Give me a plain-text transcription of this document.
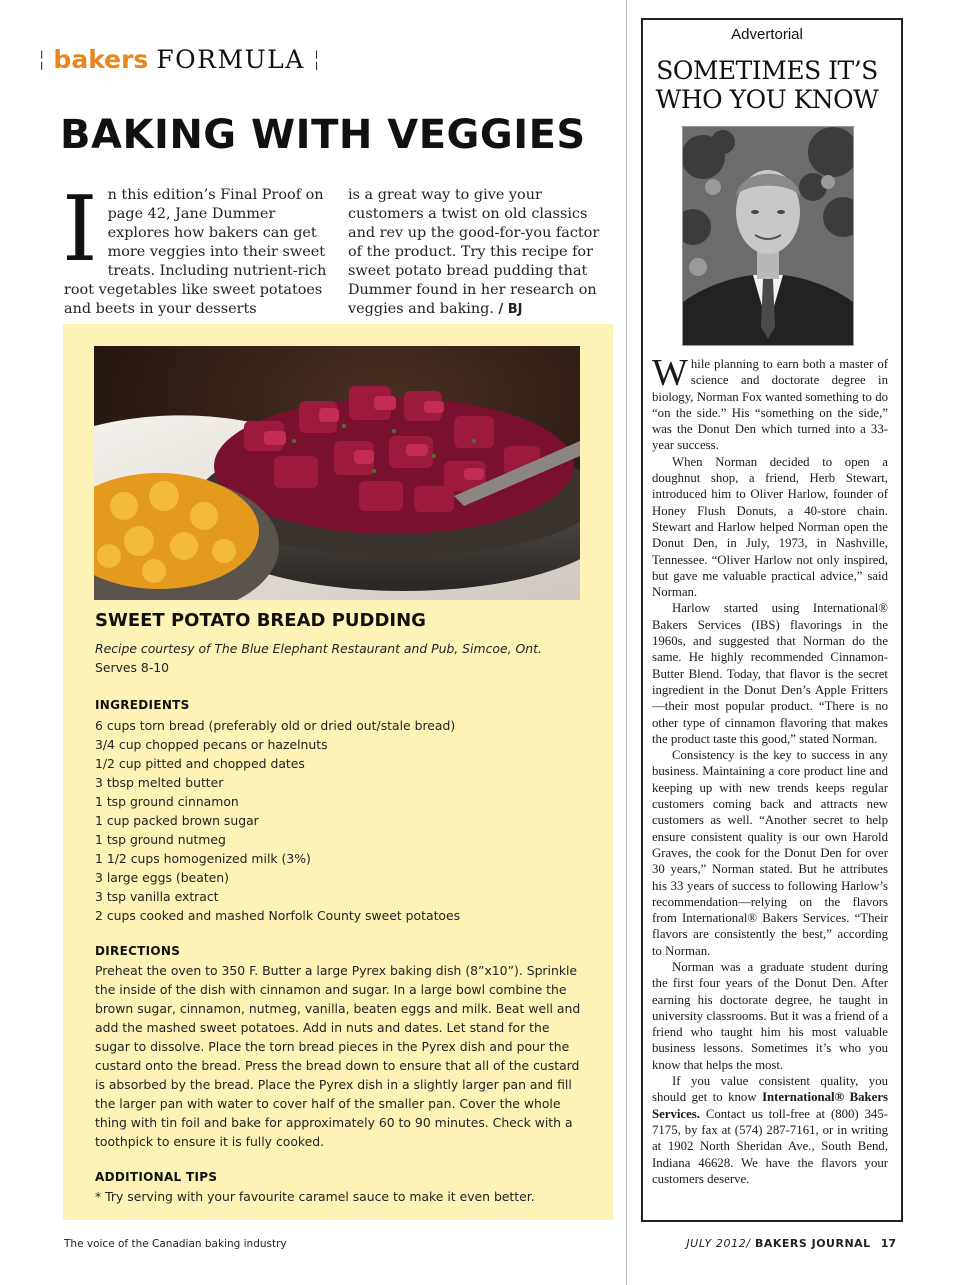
¦ bakers FORMULA ¦
BAKING WITH VEGGIES
I n this edition’s Final Proof on page 42, Jane Dummer explores how bakers can get more veggies into their sweet treats. Including nutrient-rich root vegetables like sweet potatoes and beets in your desserts
is a great way to give your customers a twist on old classics and rev up the good-for-you factor of the product. Try this recipe for sweet potato bread pudding that Dummer found in her research on veggies and baking. / BJ
SWEET POTATO BREAD PUDDING
Recipe courtesy of The Blue Elephant Restaurant and Pub, Simcoe, Ont.
Serves 8-10
INGREDIENTS
6 cups torn bread (preferably old or dried out/stale bread)
3/4 cup chopped pecans or hazelnuts
1/2 cup pitted and chopped dates
3 tbsp melted butter
1 tsp ground cinnamon
1 cup packed brown sugar
1 tsp ground nutmeg
1 1/2 cups homogenized milk (3%)
3 large eggs (beaten)
3 tsp vanilla extract
2 cups cooked and mashed Norfolk County sweet potatoes
DIRECTIONS
Preheat the oven to 350 F. Butter a large Pyrex baking dish (8”x10”). Sprinkle the inside of the dish with cinnamon and sugar. In a large bowl combine the brown sugar, cinnamon, nutmeg, vanilla, beaten eggs and milk. Beat well and add the mashed sweet potatoes. Add in nuts and dates. Let stand for the sugar to dissolve. Place the torn bread pieces in the Pyrex dish and pour the custard onto the bread. Press the bread down to ensure that all of the custard is absorbed by the bread. Place the Pyrex dish in a slightly larger pan and fill the larger pan with water to cover half of the smaller pan. Cover the whole thing with tin foil and bake for approximately 60 to 90 minutes. Check with a toothpick to ensure it is fully cooked.
ADDITIONAL TIPS
* Try serving with your favourite caramel sauce to make it even better.
Advertorial
SOMETIMES IT’S
WHO YOU KNOW

While planning to earn both a master of science and doctorate degree in biology, Norman Fox wanted something to do “on the side.” His “something on the side,” was the Donut Den which turned into a 33-year success.

When Norman decided to open a doughnut shop, a friend, Herb Stewart, introduced him to Oliver Harlow, founder of Honey Flush Donuts, a 40-store chain. Stewart and Harlow helped Norman open the Donut Den, in July, 1973, in Nashville, Tennessee. “Oliver Harlow not only inspired, but gave me valuable practical advice,” said Norman.

Harlow started using International® Bakers Services (IBS) flavorings in the 1960s, and suggested that Norman do the same. He highly recommended Cinnamon-Butter Blend. Today, that flavor is the secret ingredient in the Donut Den’s Apple Fritters—their most popular product. “There is no other type of cinnamon flavoring that makes the product taste this good,” stated Norman.

Consistency is the key to success in any business. Maintaining a core product line and keeping up with new trends keeps regular customers coming back and attracts new customers as well. “Another secret to help ensure consistent quality is our own Harold Graves, the cook for the Donut Den for over 30 years,” Norman stated. But he attributes his 33 years of success to following Harlow’s recommendation—relying on the flavors from International® Bakers Services. “Their flavors are consistently the best,” according to Norman.

Norman was a graduate student during the first four years of the Donut Den. After earning his doctorate degree, he taught in university classrooms. But it was a friend of a friend who taught him his most valuable business lessons. Sometimes it’s who you know that helps the most.

If you value consistent quality, you should get to know International® Bakers Services. Contact us toll-free at (800) 345-7175, by fax at (574) 287-7161, or in writing at 1902 North Sheridan Ave., South Bend, Indiana 46628. We have the flavors your customers deserve.

The voice of the Canadian baking industry	JULY 2012/ BAKERS JOURNAL 17
